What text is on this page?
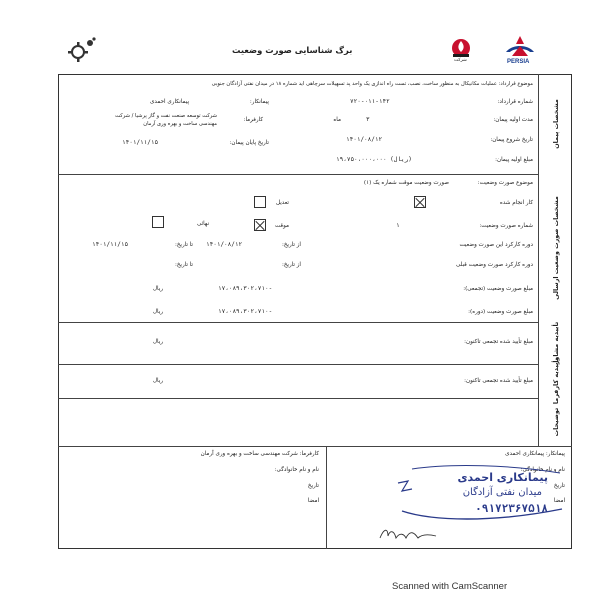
برگ شناسایی صورت وضعیت
شرکت	PERSIA
مشخصات پیمان
مشخصات صورت وضعیت ارسالی
تأییدیه مشاور
تأییدیه کارفرما
توضیحات
موضوع قرارداد: عملیات مکانیکال به منظور ساخت، نصب، تست راه اندازی یک واحد پد تسهیلات سرچاهی اید شماره ۱۸ در میدان نفتی آزادگان جنوبی
شماره قرارداد:
۷۲۰-۰۱۱-۱۴۲
پیمانکار:
پیمانکاری احمدی
مدت اولیه پیمان:
۳
ماه
کارفرما:
شرکت توسعه صنعت نفت و گاز پرشیا / شرکت مهندسی ساخت و بهره وری آرمان
تاریخ شروع پیمان:
۱۴۰۱/۰۸/۱۲
تاریخ پایان پیمان:
۱۴۰۱/۱۱/۱۵
مبلغ اولیه پیمان:
۱۹،۷۵۰،۰۰۰،۰۰۰ (ریال)
موضوع صورت وضعیت:
صورت وضعیت موقت شماره یک (۱)
کار انجام شده
تعدیل
شماره صورت وضعیت:
۱
موقت
نهائی
دوره کارکرد این صورت وضعیت
از تاریخ:
۱۴۰۱/۰۸/۱۲
تا تاریخ:
۱۴۰۱/۱۱/۱۵
دوره کارکرد صورت وضعیت قبلی
از تاریخ:
تا تاریخ:
مبلغ صورت وضعیت (تجمعی):
۱۷،۰۸۹،۳۰۲،۷۱۰-
ریال
مبلغ صورت وضعیت (دوره):
۱۷،۰۸۹،۳۰۲،۷۱۰-
ریال
مبلغ تأیید شده تجمعی تاکنون:
ریال
مبلغ تأیید شده تجمعی تاکنون:
ریال
کارفرما: شرکت مهندسی ساخت و بهره وری آرمان
نام و نام خانوادگی:
تاریخ
امضا
پیمانکار: پیمانکاری احمدی
نام و نام خانوادگی:
تاریخ
امضا
پیمانکاری احمدی
میدان نفتی آزادگان
۰۹۱۷۲۳۶۷۵۱۸
Scanned with CamScanner
